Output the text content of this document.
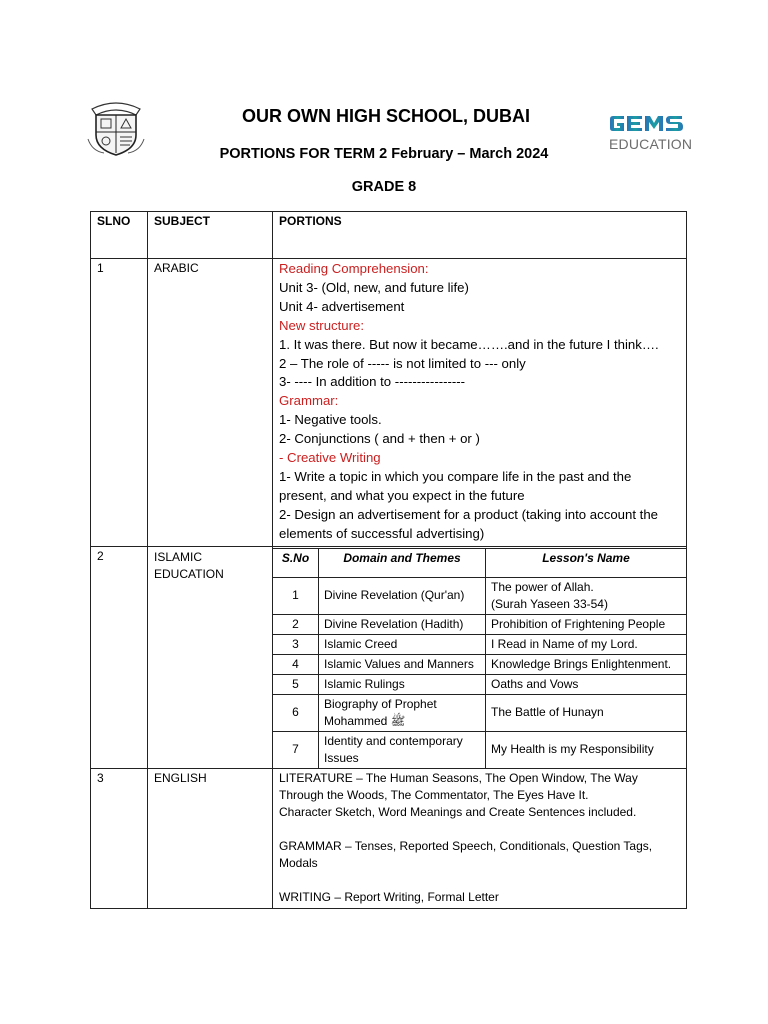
EDUCATION
OUR OWN HIGH SCHOOL, DUBAI
PORTIONS FOR TERM 2 February – March 2024
GRADE 8
SLNO	SUBJECT	PORTIONS
1	ARABIC	Reading Comprehension:
Unit 3- (Old, new, and future life)
Unit 4- advertisement
New structure:
1. It was there. But now it became…….and in the future I think….
2 – The role of ----- is not limited to --- only
3- ---- In addition to ----------------
Grammar:
1- Negative tools.
2- Conjunctions ( and + then + or )
- Creative Writing
1- Write a topic in which you compare life in the past and the present, and what you expect in the future
2- Design an advertisement for a product (taking into account the elements of successful advertising)

2	ISLAMIC EDUCATION	
S.No	Domain and Themes	Lesson's Name
1	Divine Revelation (Qur'an)	The power of Allah.
(Surah Yaseen 33-54)
2	Divine Revelation (Hadith)	Prohibition of Frightening People
3	Islamic Creed	I Read in Name of my Lord.
4	Islamic Values and Manners	Knowledge Brings Enlightenment.
5	Islamic Rulings	Oaths and Vows
6	Biography of Prophet Mohammed ﷺ	The Battle of Hunayn
7	Identity and contemporary Issues	My Health is my Responsibility

3	ENGLISH	LITERATURE – The Human Seasons, The Open Window, The Way Through the Woods, The Commentator, The Eyes Have It.
Character Sketch, Word Meanings and Create Sentences included.
GRAMMAR – Tenses, Reported Speech, Conditionals, Question Tags, Modals
WRITING – Report Writing, Formal Letter
